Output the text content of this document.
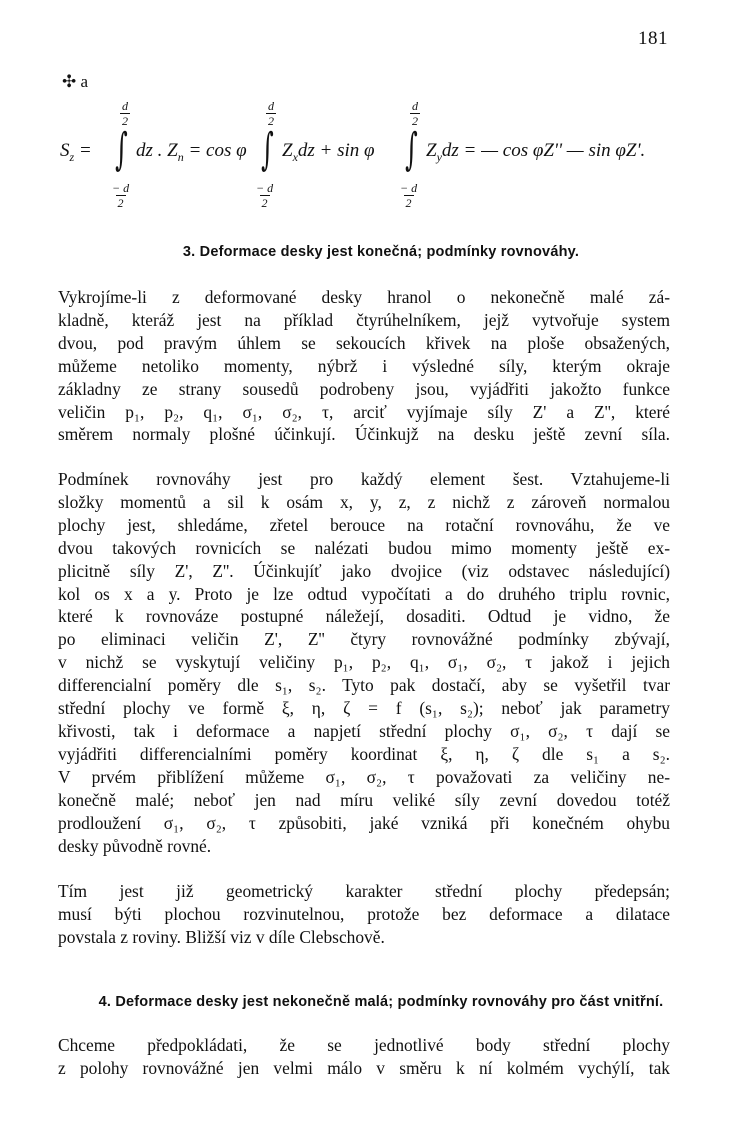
181
✣ a
d
2
∫
− d
2
d
2
∫
− d
2
d
2
∫
− d
2
$S_z$ = dz . $Z_n = \cos \varphi$ $Z_xdz + \sin \varphi$	$Z_ydz$ = — cos φZ'' — sin φZ'.
3. Deformace desky jest konečná; podmínky rovnováhy.
Vykrojíme-li z deformované desky hranol o nekonečně malé zá-
kladně, kteráž jest na příklad čtyrúhelníkem, jejž vytvořuje system
dvou, pod pravým úhlem se sekoucích křivek na ploše obsažených,
můžeme netoliko momenty, nýbrž i výsledné síly, kterým okraje
základny ze strany sousedů podrobeny jsou, vyjádřiti jakožto funkce
veličin p₁, p₂, q₁, σ₁, σ₂, τ, arciť vyjímaje síly Z' a Z'', které
směrem normaly plošné účinkují. Účinkujž na desku ještě zevní síla.
Podmínek rovnováhy jest pro každý element šest. Vztahujeme-li
složky momentů a sil k osám x, y, z, z nichž z zároveň normalou
plochy jest, shledáme, zřetel berouce na rotační rovnováhu, že ve
dvou takových rovnicích se nalézati budou mimo momenty ještě ex-
plicitně síly Z', Z''. Účinkujíť jako dvojice (viz odstavec následující)
kol os x a y. Proto je lze odtud vypočítati a do druhého triplu rovnic,
které k rovnováze postupné náležejí, dosaditi. Odtud je vidno, že
po eliminaci veličin Z', Z'' čtyry rovnovážné podmínky zbývají,
v nichž se vyskytují veličiny p₁, p₂, q₁, σ₁, σ₂, τ jakož i jejich
differencialní poměry dle s₁, s₂. Tyto pak dostačí, aby se vyšetřil tvar
střední plochy ve formě ξ, η, ζ = f (s₁, s₂); neboť jak parametry
křivosti, tak i deformace a napjetí střední plochy σ₁, σ₂, τ dají se
vyjádřiti differencialními poměry koordinat ξ, η, ζ dle s₁ a s₂.
V prvém přiblížení můžeme σ₁, σ₂, τ považovati za veličiny ne-
konečně malé; neboť jen nad míru veliké síly zevní dovedou totéž
prodloužení σ₁, σ₂, τ způsobiti, jaké vzniká při konečném ohybu
desky původně rovné.
Tím jest již geometrický karakter střední plochy předepsán;
musí býti plochou rozvinutelnou, protože bez deformace a dilatace
povstala z roviny. Bližší viz v díle Clebschově.
4. Deformace desky jest nekonečně malá; podmínky rovnováhy pro část vnitřní.
Chceme předpokládati, že se jednotlivé body střední plochy
z polohy rovnovážné jen velmi málo v směru k ní kolmém vychýlí, tak
